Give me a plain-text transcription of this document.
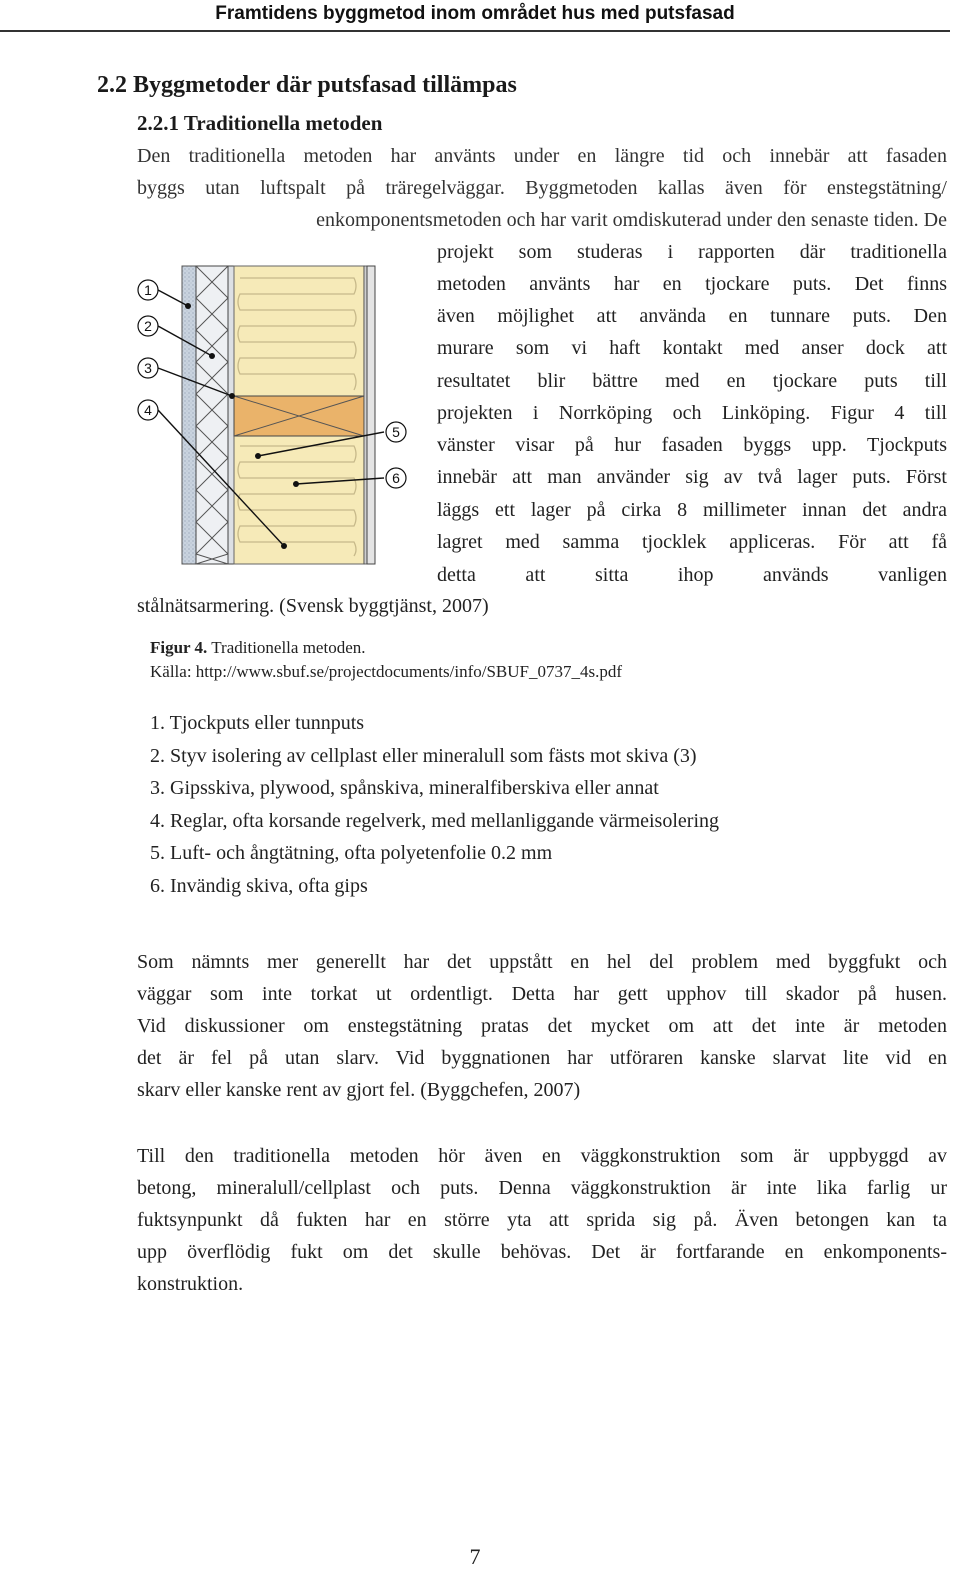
Framtidens byggmetod inom området hus med putsfasad
2.2 Byggmetoder där putsfasad tillämpas
2.2.1 Traditionella metoden
Den traditionella metoden har använts under en längre tid och innebär att fasaden
byggs utan luftspalt på träregelväggar. Byggmetoden kallas även för enstegstätning/
enkomponentsmetoden och har varit omdiskuterad under den senaste tiden. De
1
2
3
4
5
6
projekt som studeras i rapporten där traditionella
metoden använts har en tjockare puts. Det finns
även möjlighet att använda en tunnare puts. Den
murare som vi haft kontakt med anser dock att
resultatet blir bättre med en tjockare puts till
projekten i Norrköping och Linköping. Figur 4 till
vänster visar på hur fasaden byggs upp. Tjockputs
innebär att man använder sig av två lager puts. Först
läggs ett lager på cirka 8 millimeter innan det andra
lagret med samma tjocklek appliceras. För att få
detta att sitta ihop används vanligen
stålnätsarmering. (Svensk byggtjänst, 2007)
Figur 4. Traditionella metoden.
Källa: http://www.sbuf.se/projectdocuments/info/SBUF_0737_4s.pdf
1. Tjockputs eller tunnputs
2. Styv isolering av cellplast eller mineralull som fästs mot skiva (3)
3. Gipsskiva, plywood, spånskiva, mineralfiberskiva eller annat
4. Reglar, ofta korsande regelverk, med mellanliggande värmeisolering
5. Luft- och ångtätning, ofta polyetenfolie 0.2 mm
6. Invändig skiva, ofta gips
Som nämnts mer generellt har det uppstått en hel del problem med byggfukt och
väggar som inte torkat ut ordentligt. Detta har gett upphov till skador på husen.
Vid diskussioner om enstegstätning pratas det mycket om att det inte är metoden
det är fel på utan slarv. Vid byggnationen har utföraren kanske slarvat lite vid en
skarv eller kanske rent av gjort fel. (Byggchefen, 2007)
Till den traditionella metoden hör även en väggkonstruktion som är uppbyggd av
betong, mineralull/cellplast och puts. Denna väggkonstruktion är inte lika farlig ur
fuktsynpunkt då fukten har en större yta att sprida sig på. Även betongen kan ta
upp överflödig fukt om det skulle behövas. Det är fortfarande en enkomponents-
konstruktion.
7
